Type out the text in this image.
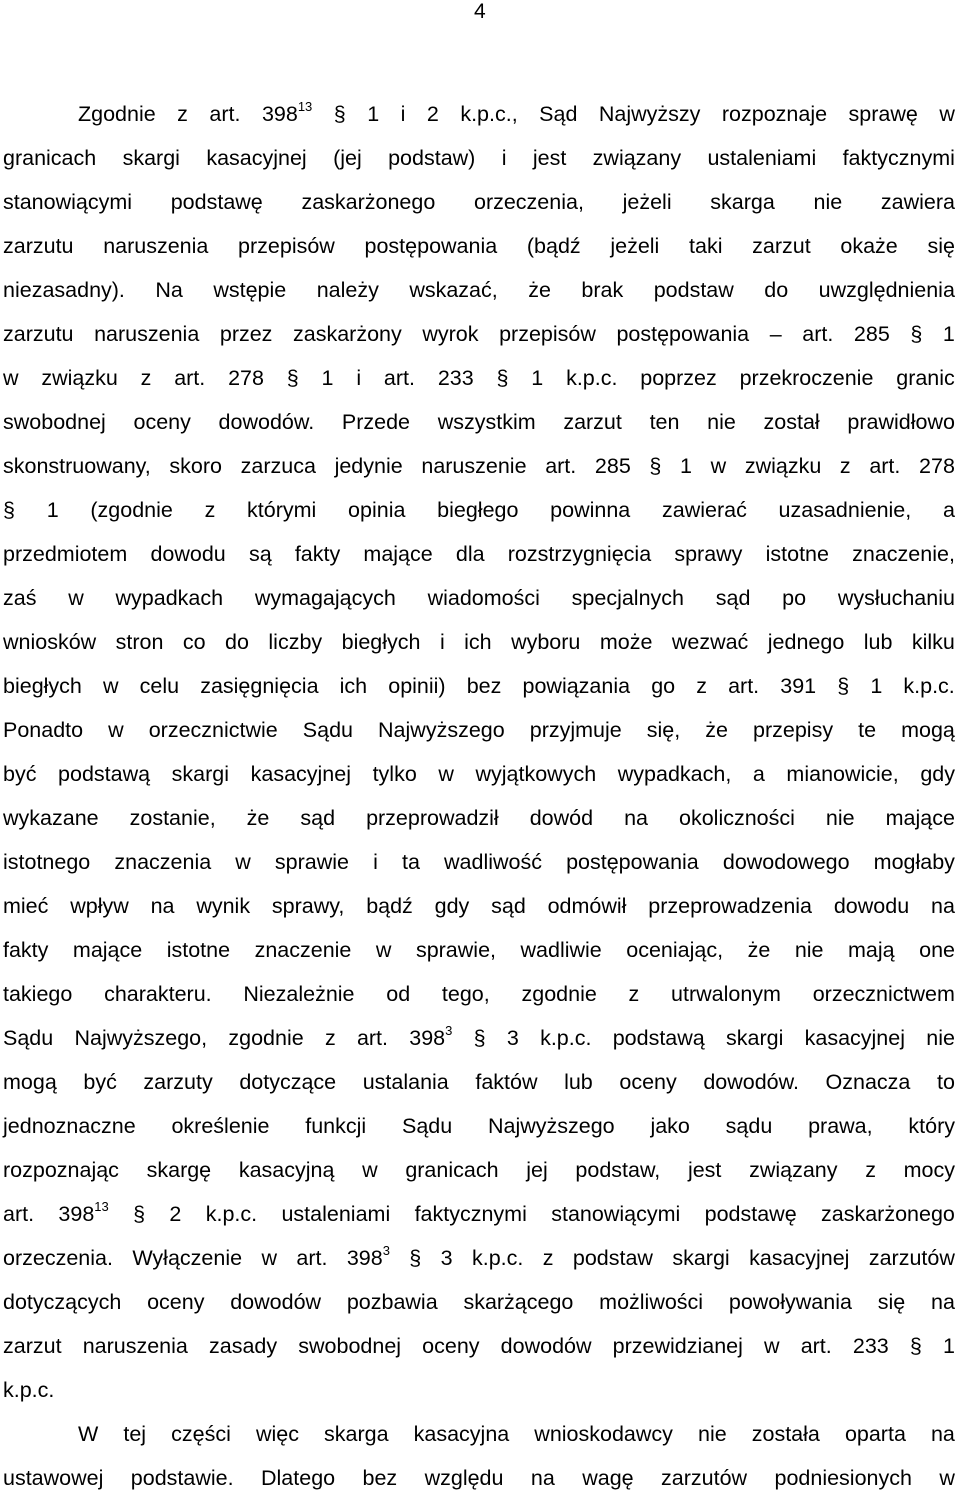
4
Zgodnie z art. $398^{13}$ § 1 i 2 k.p.c., Sąd Najwyższy rozpoznaje sprawę w
granicach skargi kasacyjnej (jej podstaw) i jest związany ustaleniami faktycznymi
stanowiącymi podstawę zaskarżonego orzeczenia, jeżeli skarga nie zawiera
zarzutu naruszenia przepisów postępowania (bądź jeżeli taki zarzut okaże się
niezasadny). Na wstępie należy wskazać, że brak podstaw do uwzględnienia
zarzutu naruszenia przez zaskarżony wyrok przepisów postępowania – art. 285 § 1
w związku z art. 278 § 1 i art. 233 § 1 k.p.c. poprzez przekroczenie granic
swobodnej oceny dowodów. Przede wszystkim zarzut ten nie został prawidłowo
skonstruowany, skoro zarzuca jedynie naruszenie art. 285 § 1 w związku z art. 278
§ 1 (zgodnie z którymi opinia biegłego powinna zawierać uzasadnienie, a
przedmiotem dowodu są fakty mające dla rozstrzygnięcia sprawy istotne znaczenie,
zaś w wypadkach wymagających wiadomości specjalnych sąd po wysłuchaniu
wniosków stron co do liczby biegłych i ich wyboru może wezwać jednego lub kilku
biegłych w celu zasięgnięcia ich opinii) bez powiązania go z art. 391 § 1 k.p.c.
Ponadto w orzecznictwie Sądu Najwyższego przyjmuje się, że przepisy te mogą
być podstawą skargi kasacyjnej tylko w wyjątkowych wypadkach, a mianowicie, gdy
wykazane zostanie, że sąd przeprowadził dowód na okoliczności nie mające
istotnego znaczenia w sprawie i ta wadliwość postępowania dowodowego mogłaby
mieć wpływ na wynik sprawy, bądź gdy sąd odmówił przeprowadzenia dowodu na
fakty mające istotne znaczenie w sprawie, wadliwie oceniając, że nie mają one
takiego charakteru. Niezależnie od tego, zgodnie z utrwalonym orzecznictwem
Sądu Najwyższego, zgodnie z art. $398^3$ § 3 k.p.c. podstawą skargi kasacyjnej nie
mogą być zarzuty dotyczące ustalania faktów lub oceny dowodów. Oznacza to
jednoznaczne określenie funkcji Sądu Najwyższego jako sądu prawa, który
rozpoznając skargę kasacyjną w granicach jej podstaw, jest związany z mocy
art. $398^{13}$ § 2 k.p.c. ustaleniami faktycznymi stanowiącymi podstawę zaskarżonego
orzeczenia. Wyłączenie w art. $398^3$ § 3 k.p.c. z podstaw skargi kasacyjnej zarzutów
dotyczących oceny dowodów pozbawia skarżącego możliwości powoływania się na
zarzut naruszenia zasady swobodnej oceny dowodów przewidzianej w art. 233 § 1
k.p.c.
W tej części więc skarga kasacyjna wnioskodawcy nie została oparta na
ustawowej podstawie. Dlatego bez względu na wagę zarzutów podniesionych w
